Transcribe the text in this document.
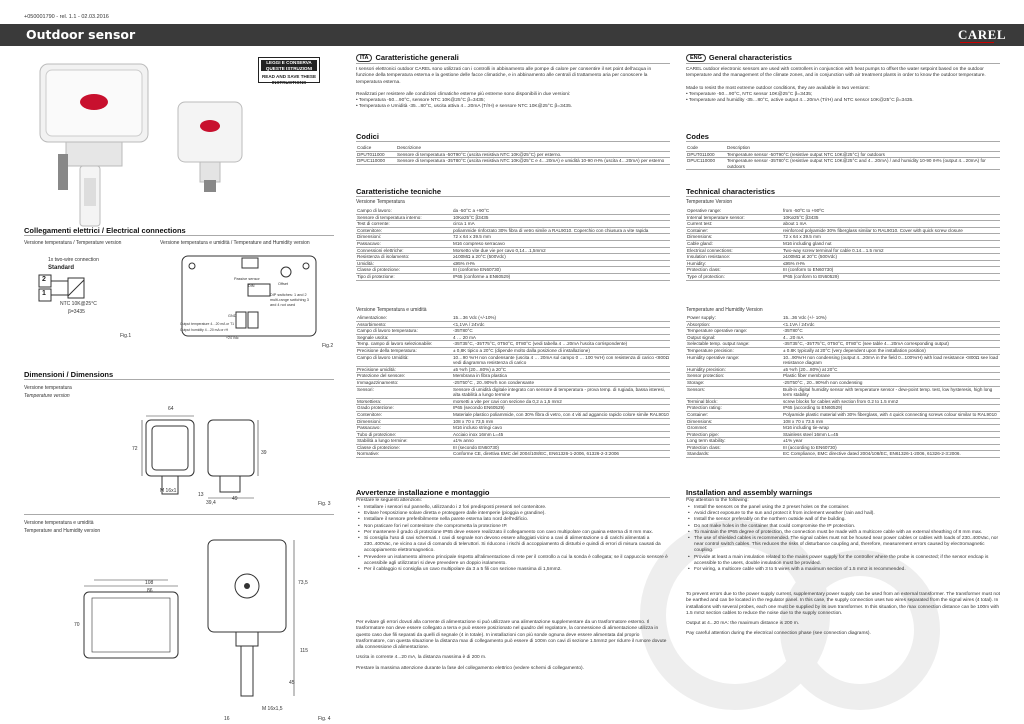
+050001790 - rel. 1.1 - 02.03.2016
Outdoor sensor	CAREL
LEGGI E CONSERVA QUESTE ISTRUZIONI
READ AND SAVE THESE INSTRUCTIONS
Collegamenti elettrici / Electrical connections
Versione temperatura / Temperature version	Versione temperatura e umidità / Temperature and Humidity version
1x two-wire connection
Standard
2
1
NTC 10K@25°C
β=3435
Fig.1
Passive sensor
Offset
DIN
DIP switches: 1 and 2 multi-range switching 3 and 4 not used
GND
Output temperature 4…20 mA or T1
Output humidity 4…20 mA or rH
+24 Vdc
Fig.2
Dimensioni / Dimensions
Versione temperatura
Temperature version
64
72
39
13
39,4
49
M 16x1
Fig. 3
Versione temperatura e umidità
Temperature and Humidity version
108
86
70
73,5
115
45
M 16x1,5
16	Fig. 4
ITA Caratteristiche generali
I sensori elettronici outdoor CAREL sono utilizzati con i controlli in abbinamento alle pompe di calore per consentire il set point dell'acqua in funzione della temperatura esterna e la gestione delle facce climatiche, e in abbinamento alle centrali di trattamento aria per conoscere la temperatura esterna.
Realizzati per resistere alle condizioni climatiche esterne più estreme sono disponibili in due versioni:
• Temperatura -50…90°C, sensore NTC 10K@25°C β=3435;
• Temperatura e Umidità -35…80°C, uscita attiva 4…20mA (T/rH) e sensore NTC 10K@25°C β=3435.
Codici
Codice	Descrizione
DPUT011000	Sensore di temperatura -50T90°C (uscita resistiva NTC 10K@25°C) per esterno.
DPUC110000	Sensore di temperatura -35T80°C (uscita resistiva NTC 10K@25°C e 4…20mA) e umidità 10-90 rH% (uscita 4…20mA) per esterno
Caratteristiche tecniche
Versione Temperatura
Campo di lavoro:	da -50°C a +90°C
Sensore di temperatura interno:	10Kø25°C β3435
Test di corrente:	circa 1 mA
Contenitore:	poliammide rinforzato 30% fibra di vetro simile a RAL9010. Coperchio con chiusura a vite rapida
Dimensioni:	72 x 64 x 39.5 mm
Passacavo:	M16 compreso serracavo
Connessioni elettriche:	Morsetto vite due vie per cavo 0,14…1,5mm2
Resistenza di isolamento:	≥100MΩ a 20°C (500Vdc)
Umidità:	≤95% rH%
Classe di protezione:	III (conforme EN60730)
Tipo di protezione:	IP65 (conforme a EN60529)
Versione Temperatura e umidità
Alimentazione:	15…36 Vdc (+/-10%)
Assorbimento:	<1,1VA / 24Vdc
Campo di lavoro temperatura:	-35T80°C
Segnale uscita:	4 … 20 mA
Temp. campo di lavoro selezionabile:	-35T35°C, -35T75°C, 0T50°C, 0T80°C (vedi tabella 4 …20mA l'uscita corrispondente)
Precisione della temperatura:	± 0,8K tipico a 20°C (dipende molto dalla posizione di installazione)
Campo di lavoro Umidità:	10…90 %rH non condensante (uscita 4 … 20mA sul campo 0 … 100 %rH) con resistenza di carico <800Ω vedi diagramma resistenza di carico
Precisione umidità:	±5 %rh (20…80%) a 20°C
Protezione del sensore:	Membrana in fibra plastica
Immagazzinamento:	-25T50°C , 20..90%rh non condensante
Sensori:	Sensore di umidità digitale integrato con sensore di temperatura - prova temp. di rugiada, bassa isteresi, alta stabilità a lungo termine
Morsettiera:	morsetti a vite per cavi con sezione da 0,2 a 1,5 mm2
Grado protezione:	IP65 (secondo EN60529)
Contenitore:	Materiale plastico poliammide, con 30% fibra di vetro, con 4 viti ad aggancio rapido colore simile RAL9010
Dimensioni:	108 x 70 x 73,5 mm
Passacavo:	M16 incluso stringi cavo
Tubo di protezione:	Acciaio inox 16mm L=45
Stabilità a lungo termine:	±1% anno
Classe di protezione:	III (secondo EN60730)
Normative:	Conforme CE, direttiva EMC del 2004/108/EC, EN61326-1-2006, 61326-2-3:2006
Avvertenze installazione e montaggio
Prestare le seguenti attenzioni:
• Installare i sensori sul pannello, utilizzando i 2 fori predisposti presenti nel contenitore.
• Evitare l'esposizione solare diretta e proteggere dalle intemperie (pioggia e grandine).
• Installare il sensore preferibilmente nella parete esterna lato nord dell'edificio.
• Non praticare fori nel contenitore che comprometta la protezione IP.
• Per mantenere il grado di protezione IP65 deve essere realizzato il collegamento con cavo multipolare con guaina esterna di 8 mm max.
• Si consiglia l'uso di cavi schermati. I cavi di segnale non devono essere alloggiati vicino a cavi di alimentazione o di carichi alimentati a 230..400Vac, ne vicino a cavi di comando di teleruttori. Si riducono i rischi di accoppiamento di disturbi e quindi di errori di misura causati da accoppiamento elettromagnetico.
• Prevedere un isolamento almeno principale rispetto all'alimentazione di rete per il controllo a cui la sonda è collegata; se il cappuccio sensore è accessibile agli utilizzatori si deve prevedere un doppio isolamento.
• Per il cablaggio si consiglia un cavo multipolare da 3 a 5 fili con sezione massima di 1,5mm2.
Per evitare gli errori dovuti alla corrente di alimentazione si può utilizzare una alimentazione supplementare da un trasformatore esterno. Il trasformatore non deve essere collegato a terra e può essere posizionato nel quadro del regolatore, la connessione di alimentazione utilizza in questo caso due fili separati da quelli di segnale (4 in totale). In installazioni con più sonde ognuna deve essere alimentata dal proprio trasformatore, con questa situazione la distanza max di collegamento può essere di 100m con cavi di sezione 1.5mm2 per ridurre il rumore dovute alla connessione di alimentazione.
Uscita in corrente 4...20 mA, la distanza massima è di 200 m.
Prestare la massima attenzione durante la fase del collegamento elettrico (vedere schemi di collegamento).
ENG General characteristics
CAREL outdoor electronic sensors are used with controllers in conjunction with heat pumps to offset the water setpoint based on the outdoor temperature and the management of the climate zones, and in conjunction with air treatment plants in order to know the outdoor temperature.
Made to resist the most extreme outdoor conditions, they are available in two versions:
• Temperature -50…90°C, NTC sensor 10K@25°C β=3435;
• Temperature and humidity -35…80°C, active output 4…20mA (T/rH) and NTC sensor 10K@25°C β=3435.
Codes
Code	Description
DPUT011000	Temperature sensor -50T90°C (resistive output NTC 10K@25°C) for outdoors
DPUC110000	Temperature sensor -35T80°C (resistive output NTC 10K@25°C and 4…20mA) / and humidity 10-90 rH% (output 4…20mA) for outdoors
Technical characteristics
Temperature Version
Operative range:	from -50ºC to +90ºC
Internal temperature sensor:	10Kø25°C β3435
Current test:	about 1 mA
Container:	reinforced polyamide 30% fiberglass similar to RAL9010. Cover with quick screw closure
Dimensions:	72 x 64 x 39.5 mm
Cable gland:	M16 including gland nut
Electrical connections:	Two-way screw terminal for cable 0.14…1.5 mm2
Insulation resistance:	≥100MΩ at 20°C (500Vdc)
Humidity:	≤95% rH%
Protection class:	III (conform to EN60730)
Type of protection:	IP65 (conform to EN60529)
Temperature and Humidity Version
Power supply:	15...36 Vdc (+/- 10%)
Absorption:	<1.1VA / 24Vdc
Temperature operative range:	-35T80°C
Output signal:	4…20 mA
Selectable temp. output range:	-35T35°C, -35T75°C, 0T50°C, 0T80°C (see table 4…20mA corresponding output)
Temperature precision:	± 0.8K typically at 20°C (very dependent upon the installation position)
Humidity operative range:	10...90%rH non condensing (output 4...20mA in the field 0...100%rH) with load resistance <800Ω see load resistance diagram
Humidity precision:	±5 %rh (20…80%) at 20°C
Sensor protection:	Plastic fiber membrane
Storage:	-25T50°C , 20...90%rh non condensing
Sensors:	Built-in digital humidity sensor with temperature sensor - dew-point temp. test, low hysteresis, high long term stability
Terminal block:	screw blocks for cables with section from 0.2 to 1.5 mm2
Protection rating:	IP65 (according to EN60529)
Container:	Polyamide plastic material with 30% fiberglass, with 4 quick connecting screws colour similar to RAL9010
Dimensions:	108 x 70 x 73.5 mm
Grommet:	M16 including tie-wrap
Protection pipe:	Stainless steel 16mm L=45
Long term stability:	±1% year
Protection class:	III (according to EN60730)
Standards:	EC Compliance, EMC directive dated 2004/108/EC, EN61326-1-2006, 61326-2-3:2006.
Installation and assembly warnings
Pay attention to the following:
• Install the sensors on the panel using the 2 preset holes on the container.
• Avoid direct exposure to the sun and protect it from inclement weather (rain and hail).
• Install the sensor preferably on the northern outside wall of the building.
• Do not make holes in the container that could compromise the IP protection.
• To maintain the IP65 degree of protection, the connection must be made with a multicore cable with an external sheathing of 8 mm max.
• The use of shielded cables is recommended. The signal cables must not be housed near power cables or cables with loads of 230..400Vac, nor near control switch cables. This reduces the risks of disturbance coupling and, therefore, measurement errors caused by electromagnetic coupling.
• Provide at least a main insulation related to the mains power supply for the controller where the probe is connected; if the sensor endcap is accessible to the users, double insulation must be provided.
• For wiring, a multicore cable with 3 to 5 wires with a maximum section of 1.5 mm2 is recommended.
To prevent errors due to the power supply current, supplementary power supply can be used from an external transformer. The transformer must not be earthed and can be located in the regulator panel. In this case, the supply connection uses two wires separated from the signal wires (4 total). In installations with several probes, each one must be supplied by its own transformer. In this situation, the max connection distance can be 100m with 1.5 mm2 section cables to reduce the noise due to the supply connection.
Output at 4...20 mA: the maximum distance is 200 m.
Pay careful attention during the electrical connection phase (see connection diagrams).
